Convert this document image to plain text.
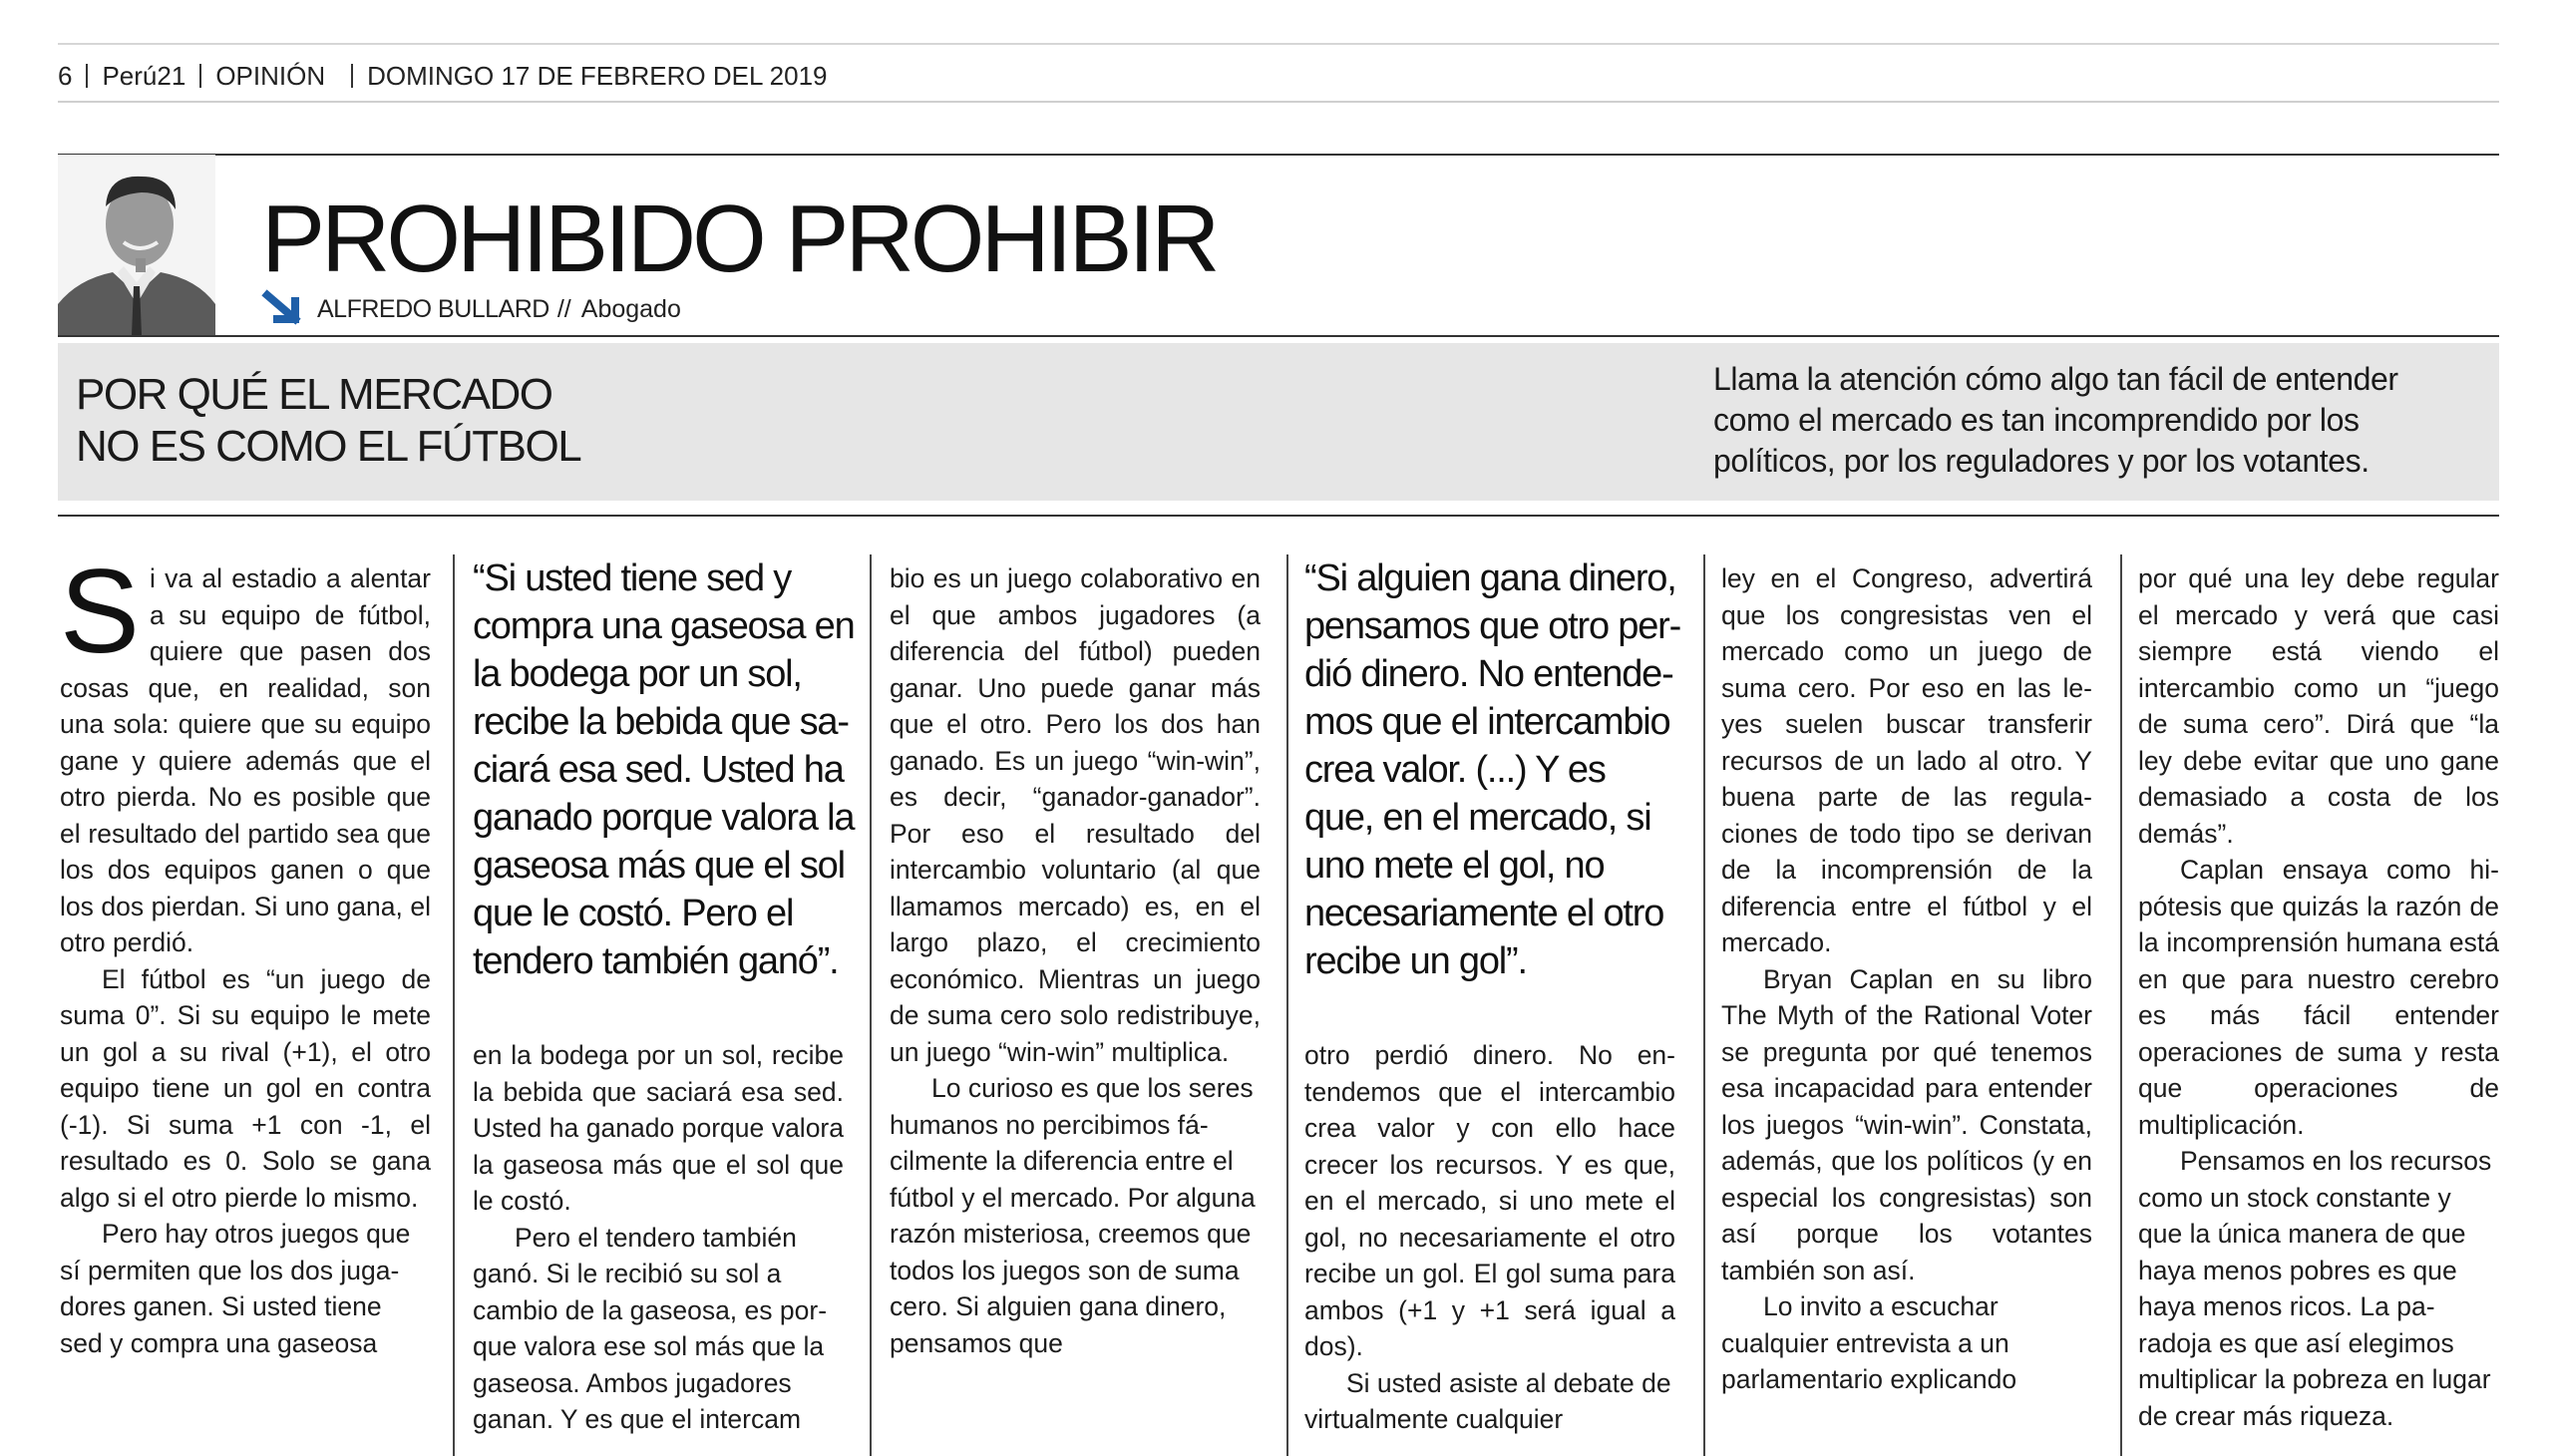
6 Perú21 OPINIÓN DOMINGO 17 DE FEBRERO DEL 2019
PROHIBIDO PROHIBIR
ALFREDO BULLARD // Abogado
POR QUÉ EL MERCADO
NO ES COMO EL FÚTBOL
Llama la atención cómo algo tan fácil de entender como el mercado es tan incomprendido por los políticos, por los reguladores y por los votantes.
S i va al estadio a alentar a su equipo de fútbol, quiere que pasen dos cosas que, en realidad, son una sola: quiere que su equipo gane y quiere además que el otro pierda. No es posible que el resultado del partido sea que los dos equipos ganen o que los dos pierdan. Si uno gana, el otro perdió.

El fútbol es “un juego de suma 0”. Si su equipo le mete un gol a su rival (+1), el otro equipo tiene un gol en contra (-1). Si suma +1 con -1, el resultado es 0. Solo se gana algo si el otro pierde lo mismo.

Pero hay otros juegos que sí permiten que los dos jugadores ganen. Si usted tiene sed y compra una gaseosa

“Si usted tiene sed y compra una gaseosa en la bodega por un sol, recibe la bebida que saciará esa sed. Usted ha ganado porque valora la gaseosa más que el sol que le costó. Pero el tendero también ganó”.

en la bodega por un sol, recibe la bebida que saciará esa sed. Usted ha ganado porque valora la gaseosa más que el sol que le costó.

Pero el tendero también ganó. Si le recibió su sol a cambio de la gaseosa, es porque valora ese sol más que la gaseosa. Ambos jugadores ganan. Y es que el intercam

bio es un juego colaborativo en el que ambos jugadores (a diferencia del fútbol) pueden ganar. Uno puede ganar más que el otro. Pero los dos han ganado. Es un juego “win-win”, es decir, “ganador-ganador”. Por eso el resultado del intercambio voluntario (al que llamamos mercado) es, en el largo plazo, el crecimiento económico. Mientras un juego de suma cero solo redistribuye, un juego “win-win” multiplica.

Lo curioso es que los seres humanos no percibimos fácilmente la diferencia entre el fútbol y el mercado. Por alguna razón misteriosa, creemos que todos los juegos son de suma cero. Si alguien gana dinero, pensamos que

“Si alguien gana dinero, pensamos que otro perdió dinero. No entendemos que el intercambio crea valor. (...) Y es que, en el mercado, si uno mete el gol, no necesariamente el otro recibe un gol”.

otro perdió dinero. No entendemos que el intercambio crea valor y con ello hace crecer los recursos. Y es que, en el mercado, si uno mete el gol, no necesariamente el otro recibe un gol. El gol suma para ambos (+1 y +1 será igual a dos).

Si usted asiste al debate de virtualmente cualquier

ley en el Congreso, advertirá que los congresistas ven el mercado como un juego de suma cero. Por eso en las leyes suelen buscar transferir recursos de un lado al otro. Y buena parte de las regulaciones de todo tipo se derivan de la incomprensión de la diferencia entre el fútbol y el mercado.

Bryan Caplan en su libro The Myth of the Rational Voter se pregunta por qué tenemos esa incapacidad para entender los juegos “win-win”. Constata, además, que los políticos (y en especial los congresistas) son así porque los votantes también son así.

Lo invito a escuchar cualquier entrevista a un parlamentario explicando

por qué una ley debe regular el mercado y verá que casi siempre está viendo el intercambio como un “juego de suma cero”. Dirá que “la ley debe evitar que uno gane demasiado a costa de los demás”.

Caplan ensaya como hipótesis que quizás la razón de la incomprensión humana está en que para nuestro cerebro es más fácil entender operaciones de suma y resta que operaciones de multiplicación.

Pensamos en los recursos como un stock constante y que la única manera de que haya menos pobres es que haya menos ricos. La paradoja es que así elegimos multiplicar la pobreza en lugar de crear más riqueza.
